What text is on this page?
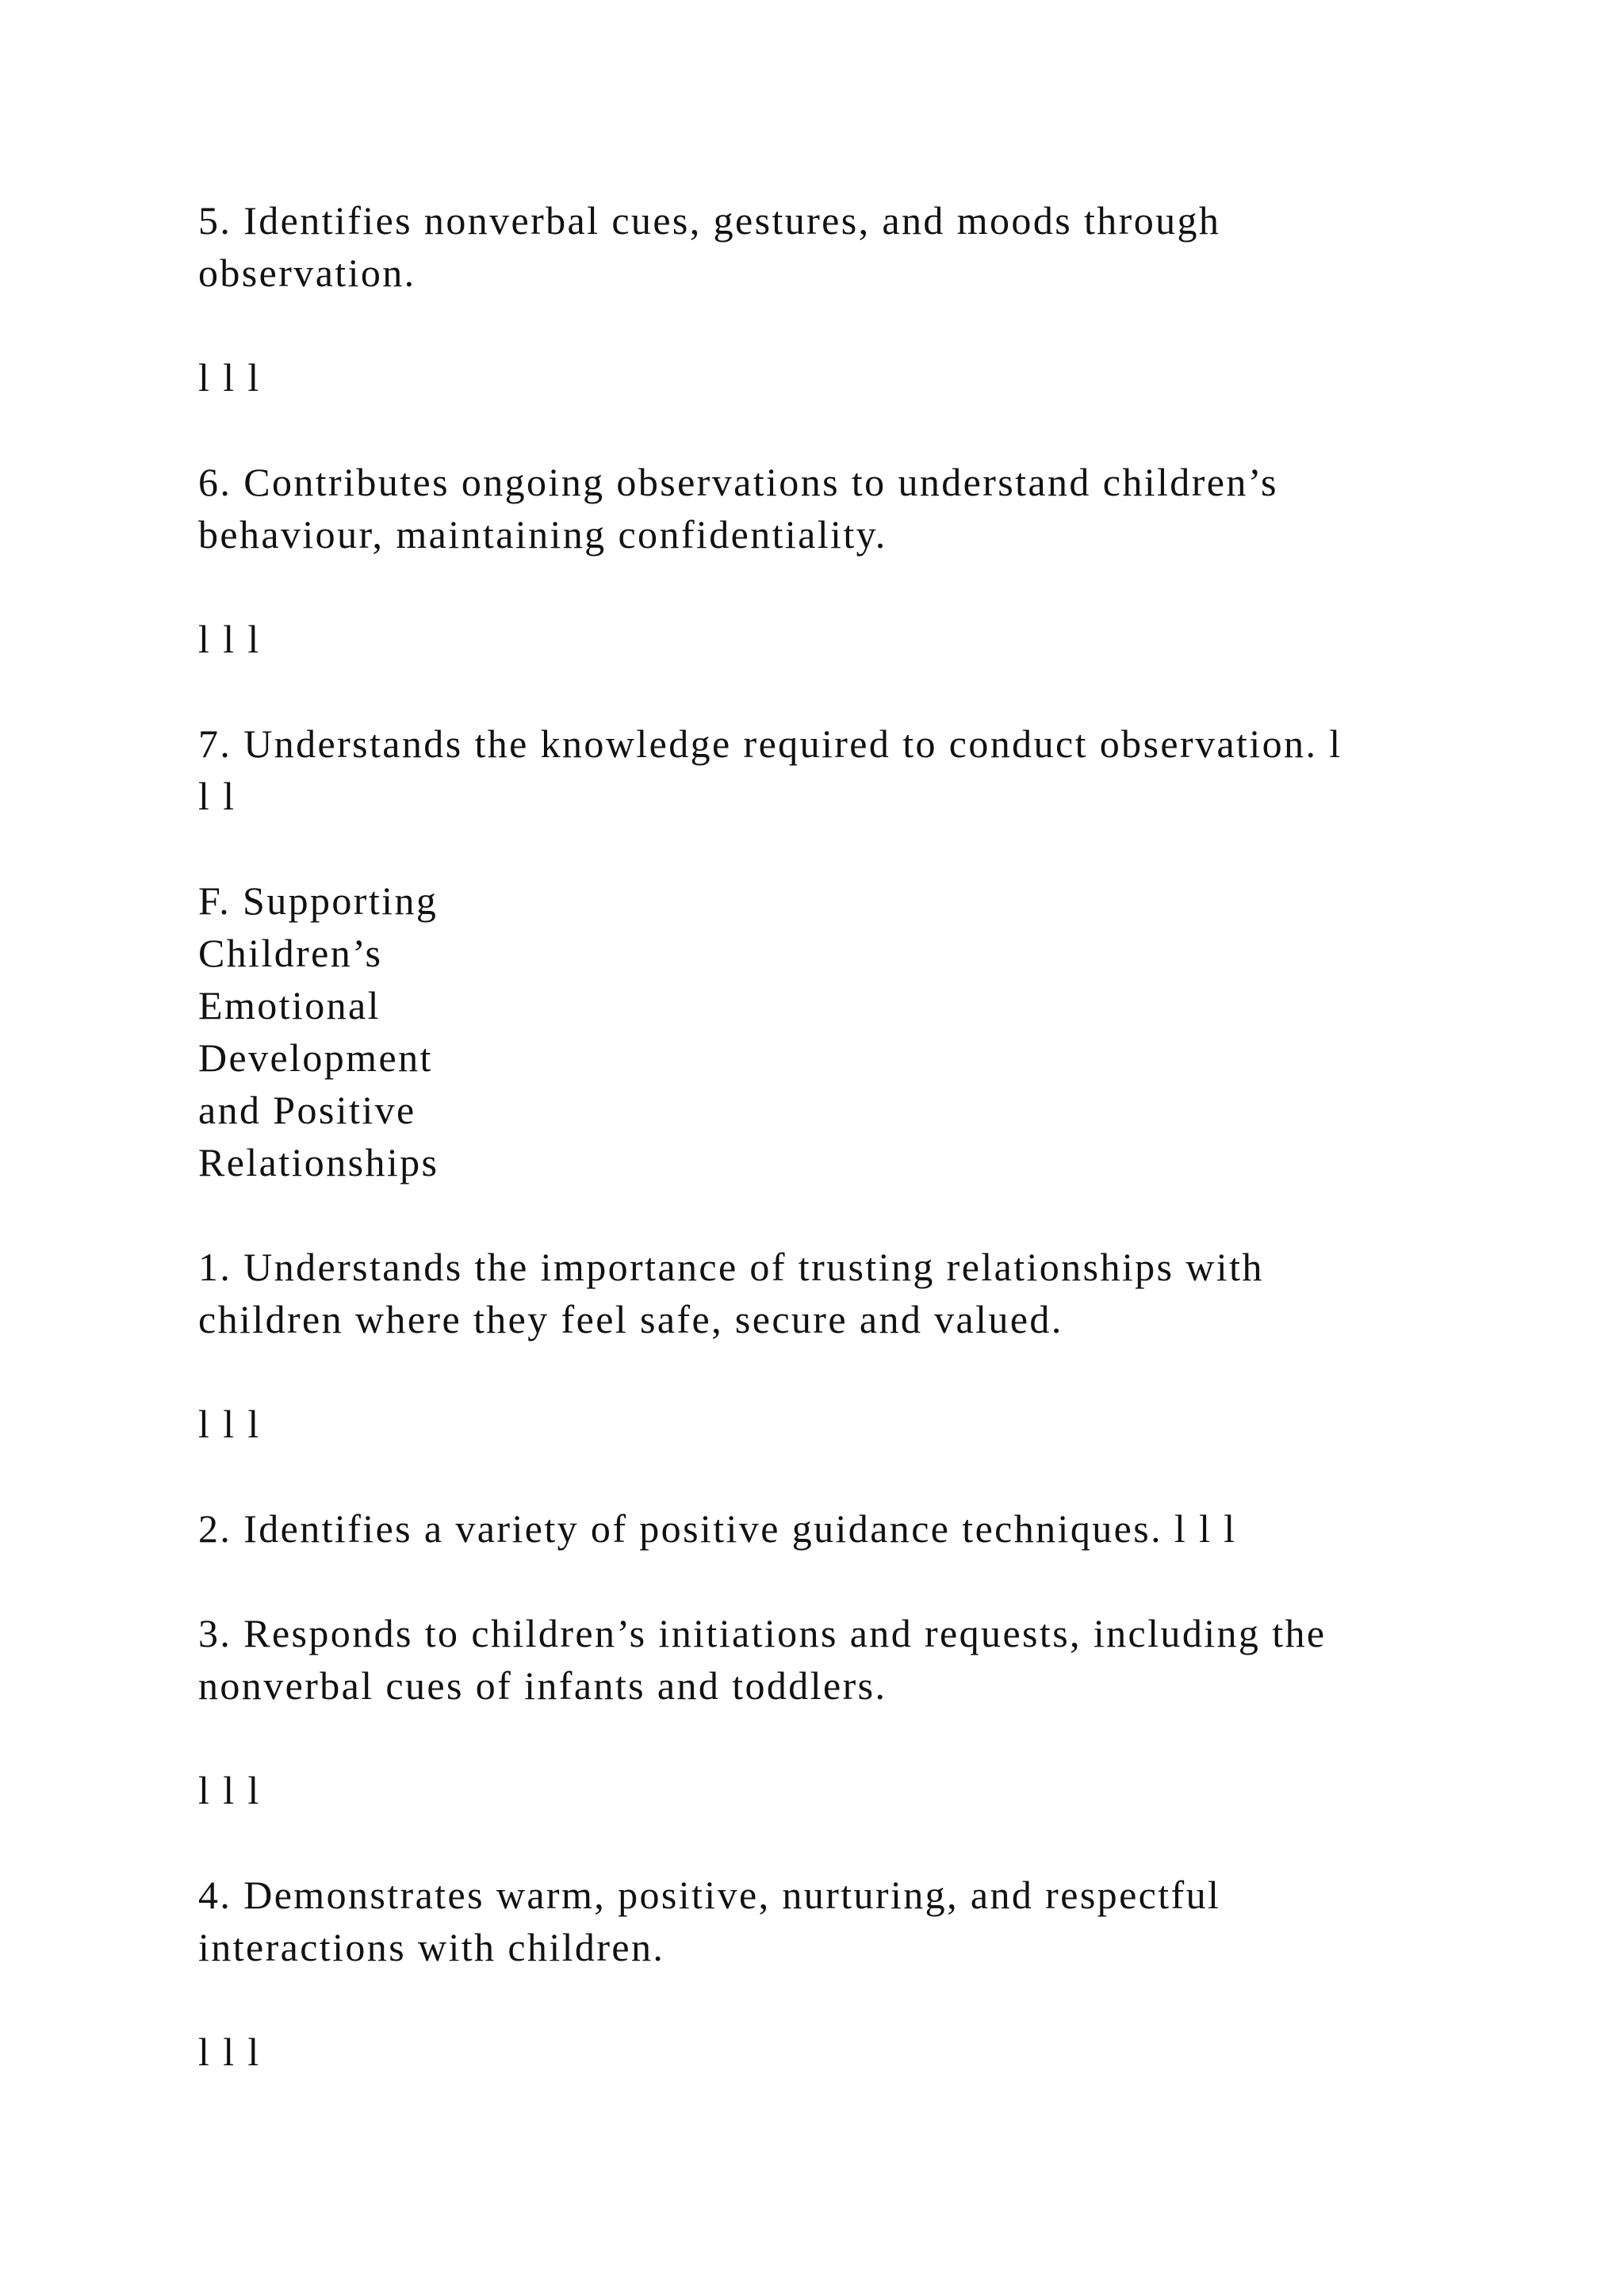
5. Identifies nonverbal cues, gestures, and moods through
observation.
l l l
6. Contributes ongoing observations to understand children’s
behaviour, maintaining confidentiality.
l l l
7. Understands the knowledge required to conduct observation. l
l l
F. Supporting
Children’s
Emotional
Development
and Positive
Relationships
1. Understands the importance of trusting relationships with
children where they feel safe, secure and valued.
l l l
2. Identifies a variety of positive guidance techniques. l l l
3. Responds to children’s initiations and requests, including the
nonverbal cues of infants and toddlers.
l l l
4. Demonstrates warm, positive, nurturing, and respectful
interactions with children.
l l l
